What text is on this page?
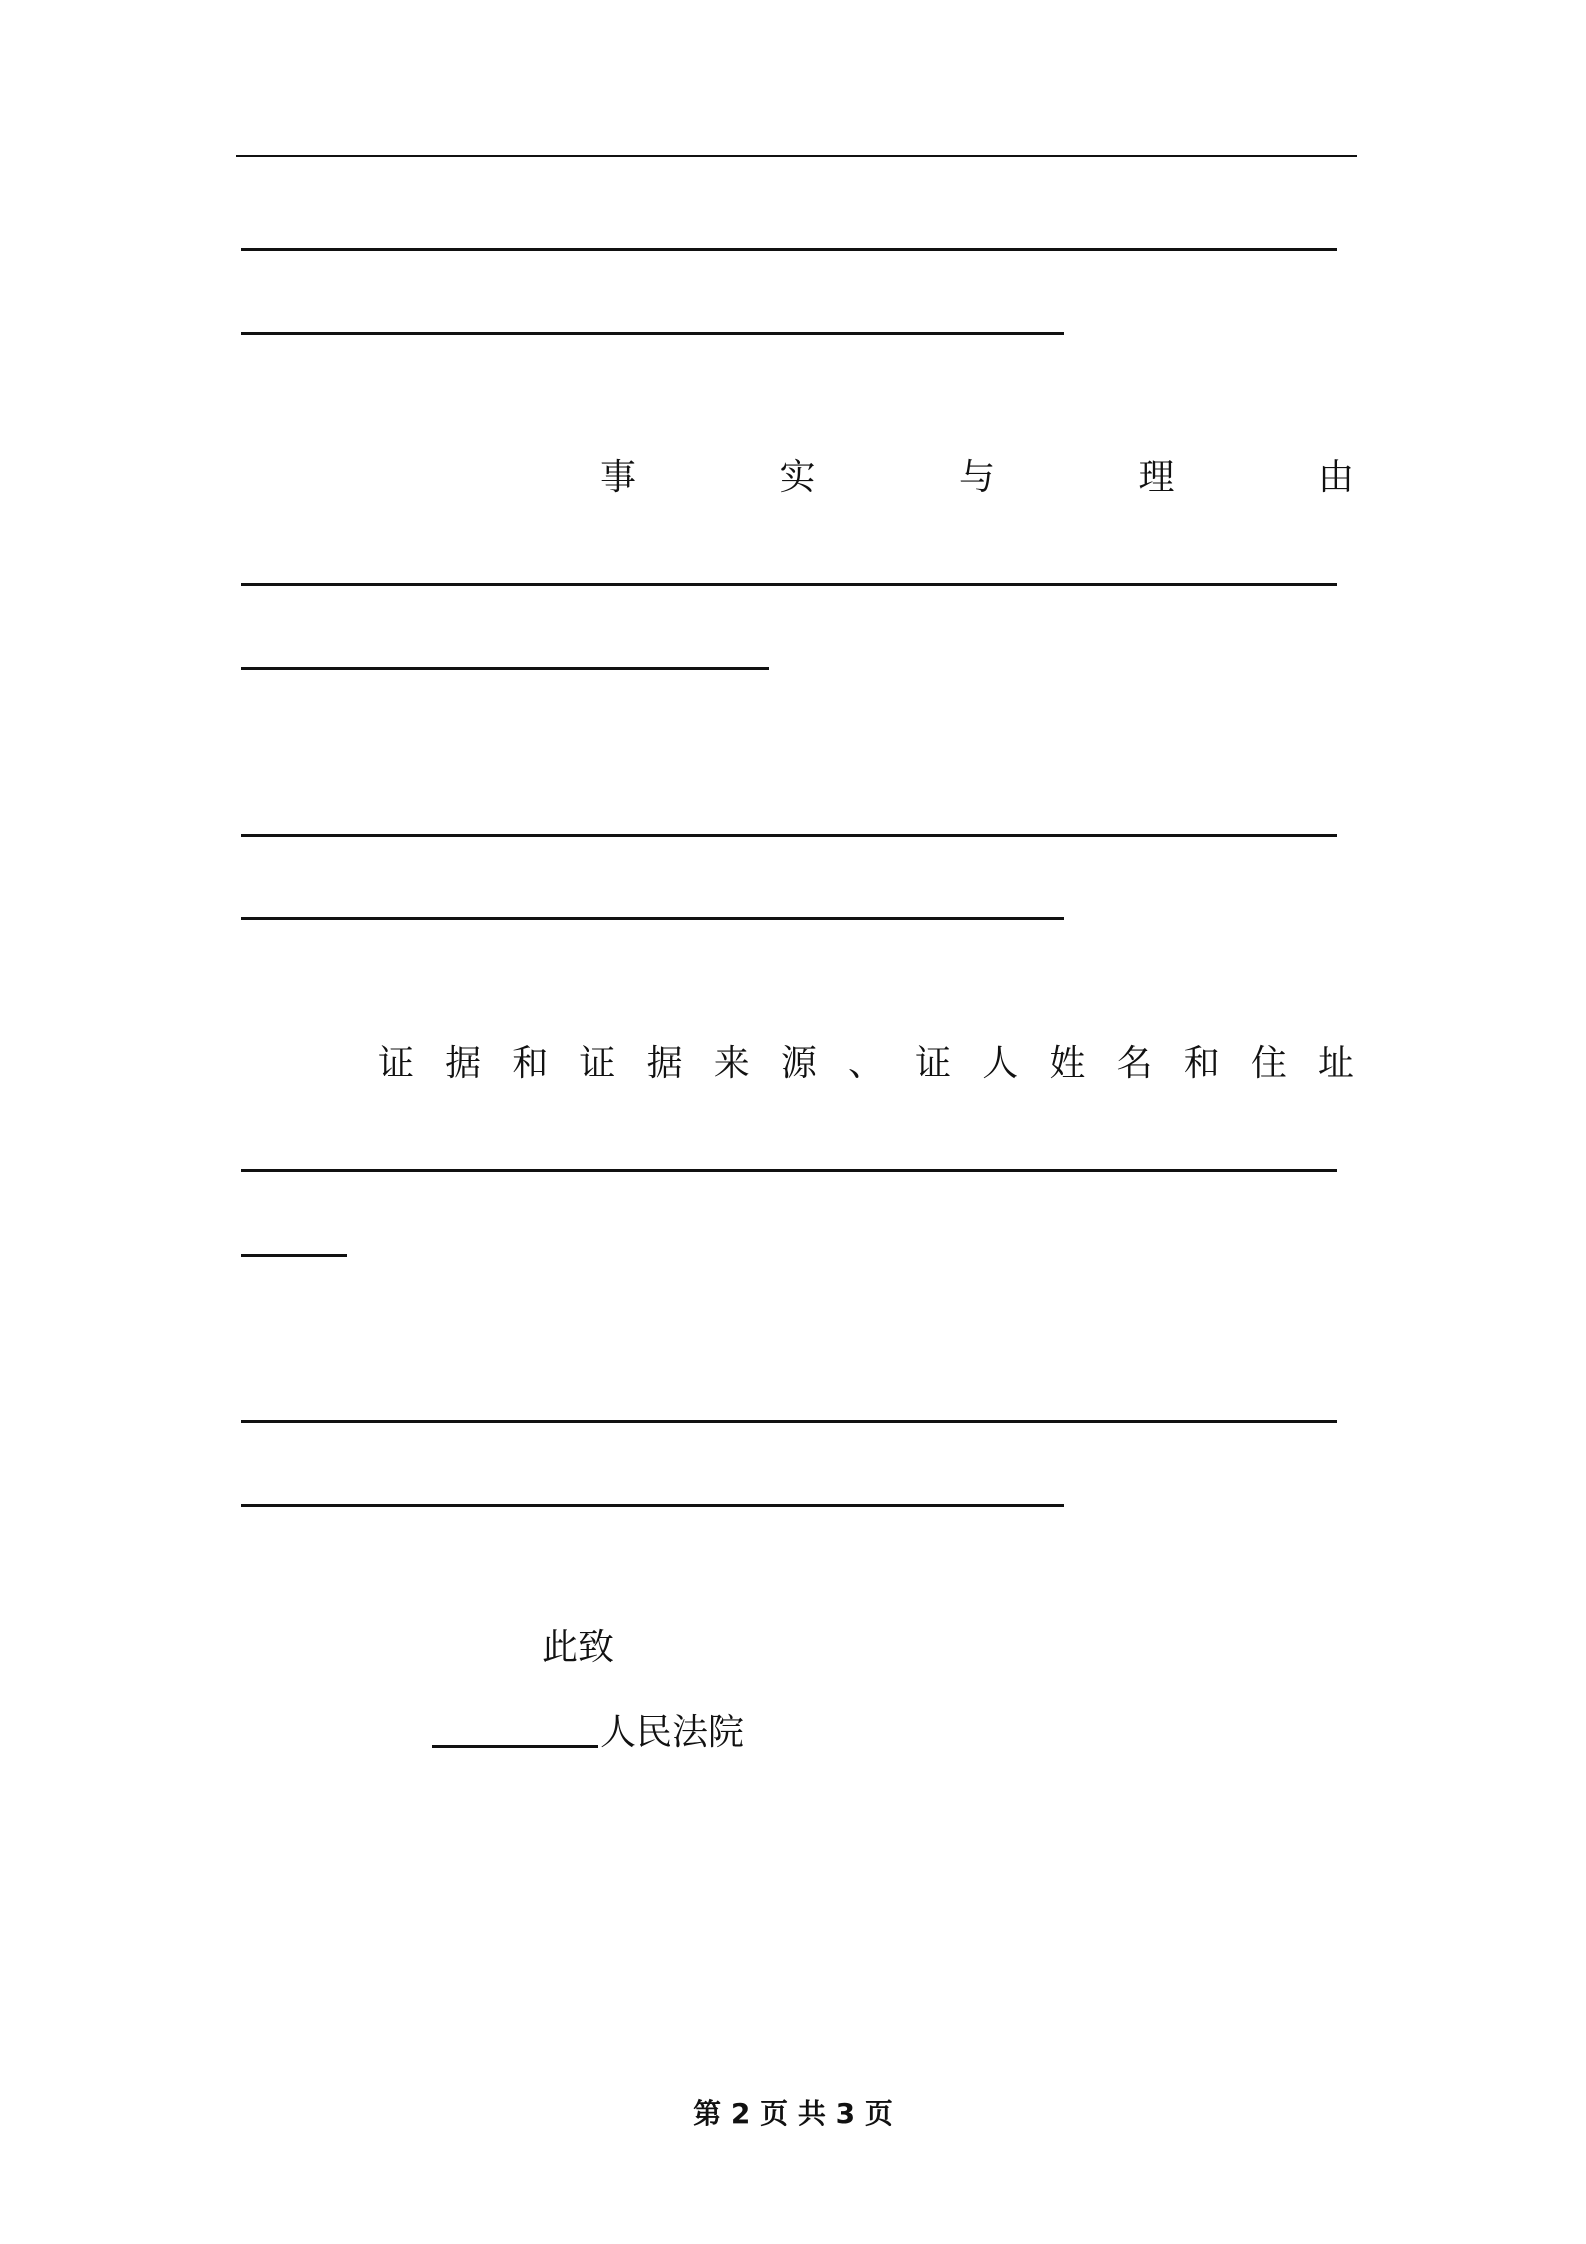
事	实	与	理	由
证 据 和 证 据 来 源 、 证 人 姓 名 和 住 址
此致
人民法院
第 2 页 共 3 页
